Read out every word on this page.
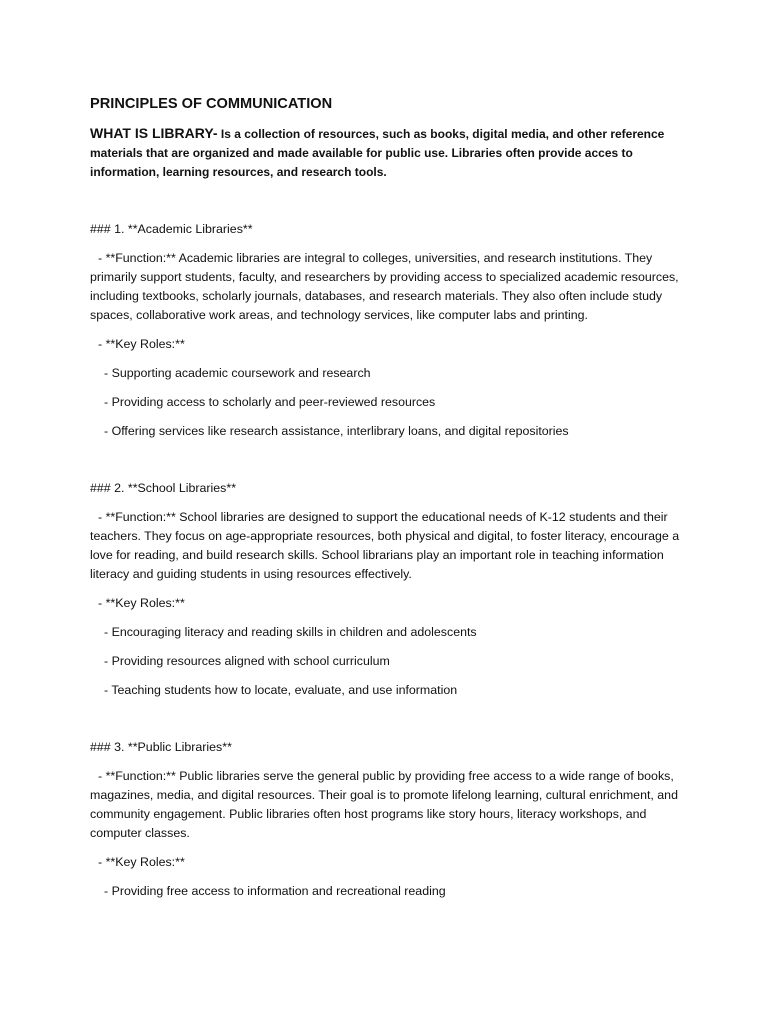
PRINCIPLES OF COMMUNICATION

WHAT IS LIBRARY- Is a collection of resources, such as books, digital media, and other reference materials that are organized and made available for public use. Libraries often provide acces to information, learning resources, and research tools.

### 1. **Academic Libraries**

- **Function:** Academic libraries are integral to colleges, universities, and research institutions. They primarily support students, faculty, and researchers by providing access to specialized academic resources, including textbooks, scholarly journals, databases, and research materials. They also often include study spaces, collaborative work areas, and technology services, like computer labs and printing.

- **Key Roles:**

- Supporting academic coursework and research

- Providing access to scholarly and peer-reviewed resources

- Offering services like research assistance, interlibrary loans, and digital repositories

### 2. **School Libraries**

- **Function:** School libraries are designed to support the educational needs of K-12 students and their teachers. They focus on age-appropriate resources, both physical and digital, to foster literacy, encourage a love for reading, and build research skills. School librarians play an important role in teaching information literacy and guiding students in using resources effectively.

- **Key Roles:**

- Encouraging literacy and reading skills in children and adolescents

- Providing resources aligned with school curriculum

- Teaching students how to locate, evaluate, and use information

### 3. **Public Libraries**

- **Function:** Public libraries serve the general public by providing free access to a wide range of books, magazines, media, and digital resources. Their goal is to promote lifelong learning, cultural enrichment, and community engagement. Public libraries often host programs like story hours, literacy workshops, and computer classes.

- **Key Roles:**

- Providing free access to information and recreational reading
